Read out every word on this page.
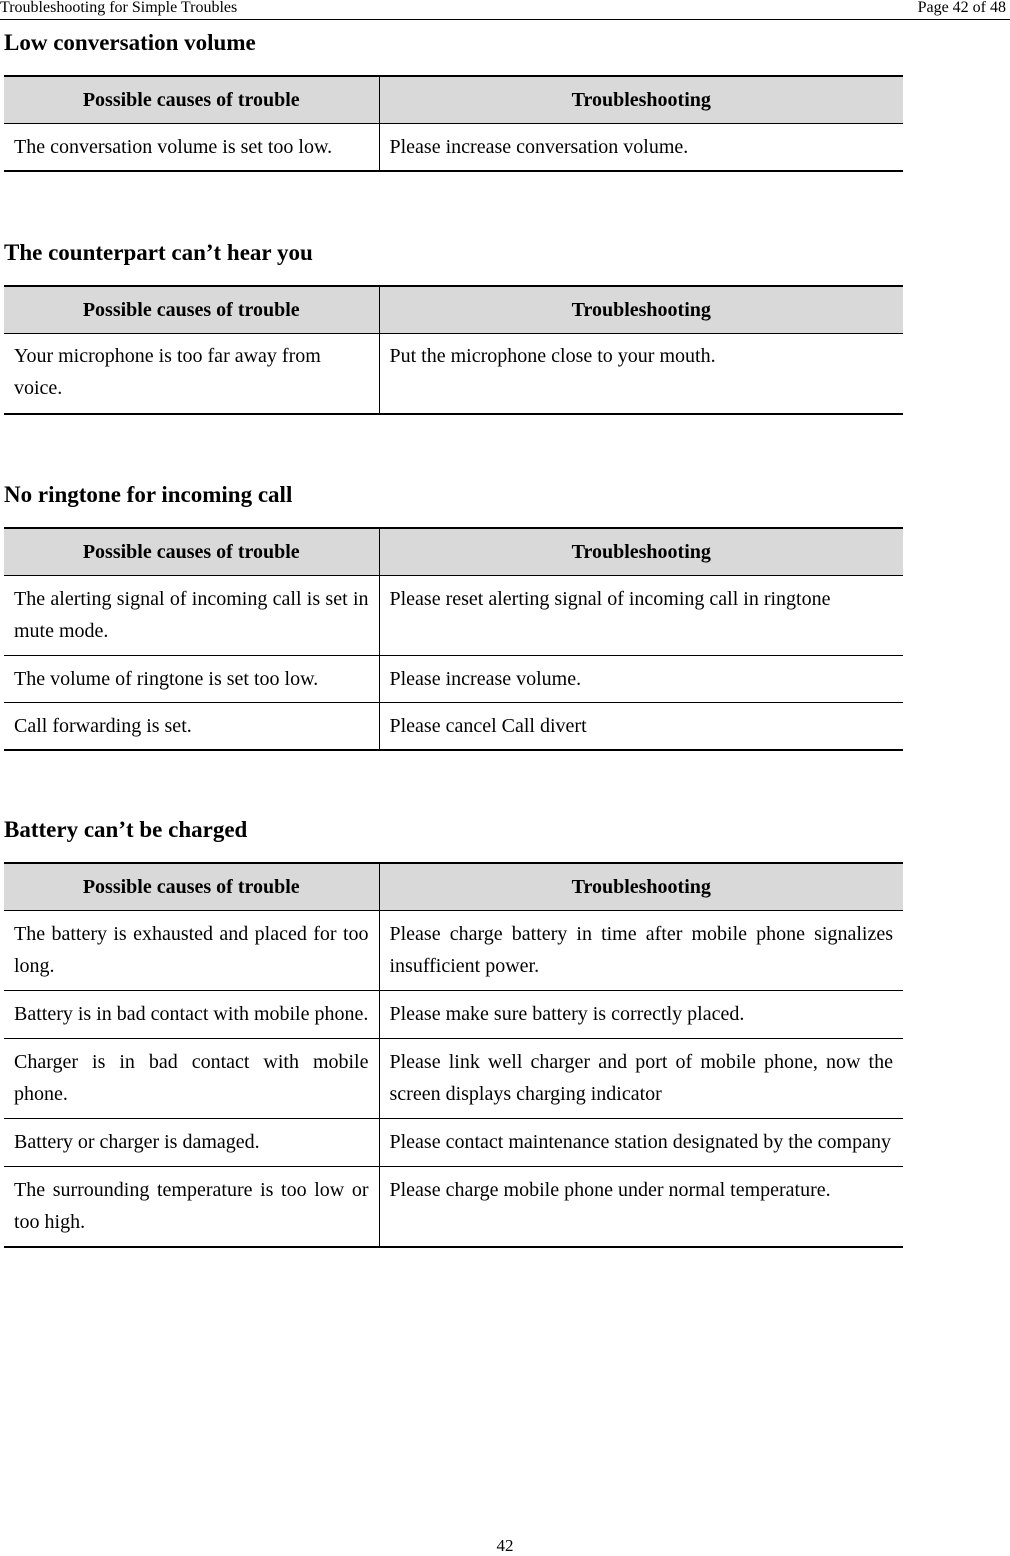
Troubleshooting for Simple Troubles	Page 42 of 48
Low conversation volume
Possible causes of trouble	Troubleshooting
The conversation volume is set too low.	Please increase conversation volume.
The counterpart can’t hear you
Possible causes of trouble	Troubleshooting
Your microphone is too far away from voice.	Put the microphone close to your mouth.
No ringtone for incoming call
Possible causes of trouble	Troubleshooting
The alerting signal of incoming call is set in mute mode.	Please reset alerting signal of incoming call in ringtone
The volume of ringtone is set too low.	Please increase volume.
Call forwarding is set.	Please cancel Call divert
Battery can’t be charged
Possible causes of trouble	Troubleshooting
The battery is exhausted and placed for too long.	Please charge battery in time after mobile phone signalizes insufficient power.
Battery is in bad contact with mobile phone.	Please make sure battery is correctly placed.
Charger is in bad contact with mobile phone.	Please link well charger and port of mobile phone, now the screen displays charging indicator
Battery or charger is damaged.	Please contact maintenance station designated by the company
The surrounding temperature is too low or too high.	Please charge mobile phone under normal temperature.
42
